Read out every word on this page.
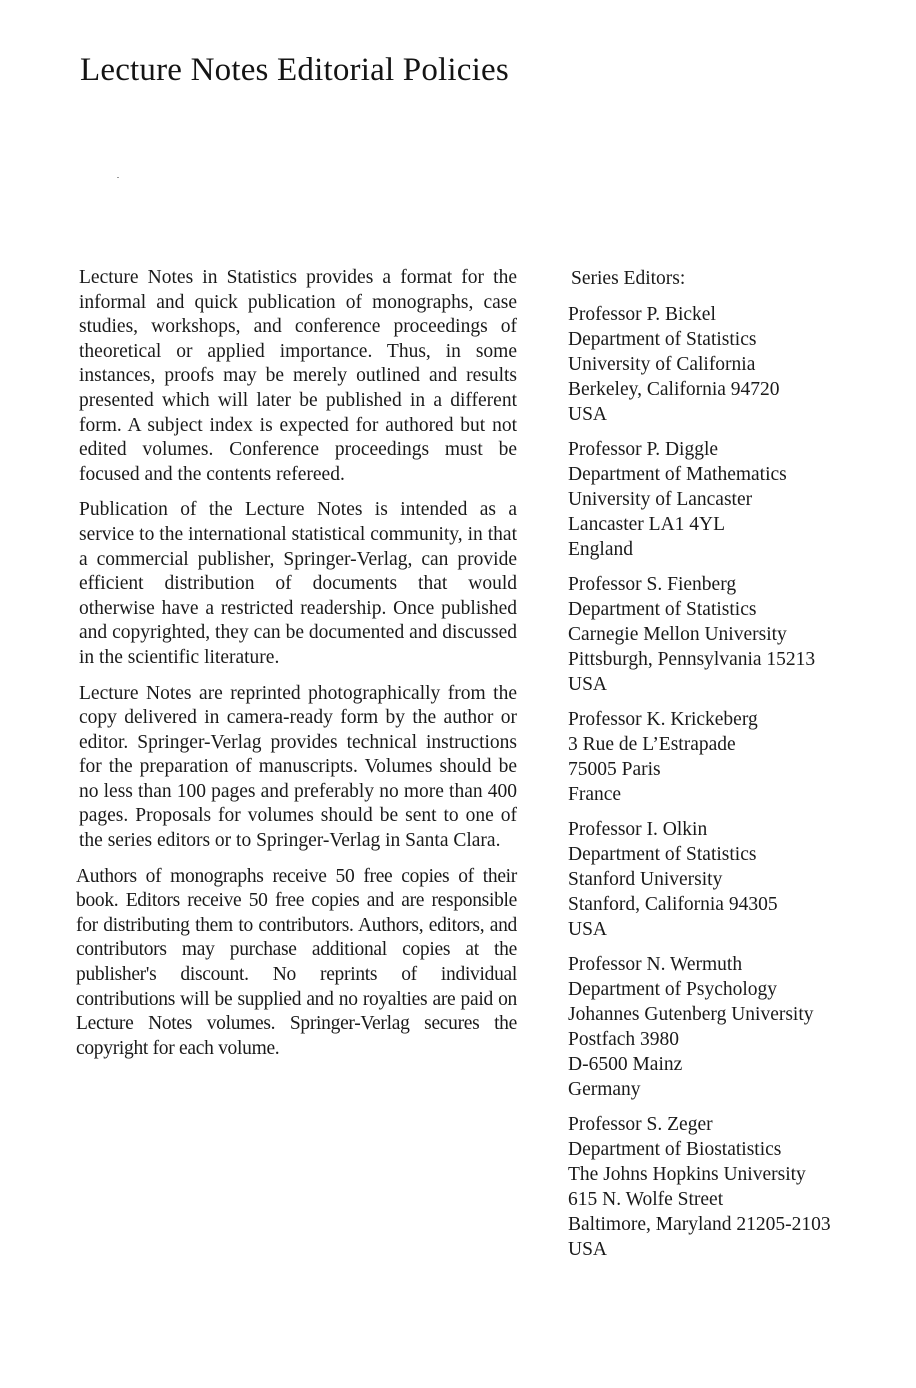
Lecture Notes Editorial Policies

Lecture Notes in Statistics provides a format for the informal and quick publication of monographs, case studies, workshops, and conference proceedings of theoretical or applied importance. Thus, in some instances, proofs may be merely outlined and results presented which will later be published in a different form. A subject index is expected for authored but not edited volumes. Conference proceedings must be focused and the contents refereed.

Publication of the Lecture Notes is intended as a service to the international statistical community, in that a commercial publisher, Springer-Verlag, can provide efficient distribution of documents that would otherwise have a restricted readership. Once published and copyrighted, they can be documented and discussed in the scientific literature.

Lecture Notes are reprinted photographically from the copy delivered in camera-ready form by the author or editor. Springer-Verlag provides technical instructions for the preparation of manuscripts. Volumes should be no less than 100 pages and preferably no more than 400 pages. Proposals for volumes should be sent to one of the series editors or to Springer-Verlag in Santa Clara.

Authors of monographs receive 50 free copies of their book. Editors receive 50 free copies and are responsible for distributing them to contributors. Authors, editors, and contributors may purchase additional copies at the publisher's discount. No reprints of individual contributions will be supplied and no royalties are paid on Lecture Notes volumes. Springer-Verlag secures the copyright for each volume.

Series Editors:
Professor P. Bickel
Department of Statistics
University of California
Berkeley, California 94720
USA
Professor P. Diggle
Department of Mathematics
University of Lancaster
Lancaster LA1 4YL
England
Professor S. Fienberg
Department of Statistics
Carnegie Mellon University
Pittsburgh, Pennsylvania 15213
USA
Professor K. Krickeberg
3 Rue de L’Estrapade
75005 Paris
France
Professor I. Olkin
Department of Statistics
Stanford University
Stanford, California 94305
USA
Professor N. Wermuth
Department of Psychology
Johannes Gutenberg University
Postfach 3980
D-6500 Mainz
Germany
Professor S. Zeger
Department of Biostatistics
The Johns Hopkins University
615 N. Wolfe Street
Baltimore, Maryland 21205-2103
USA
